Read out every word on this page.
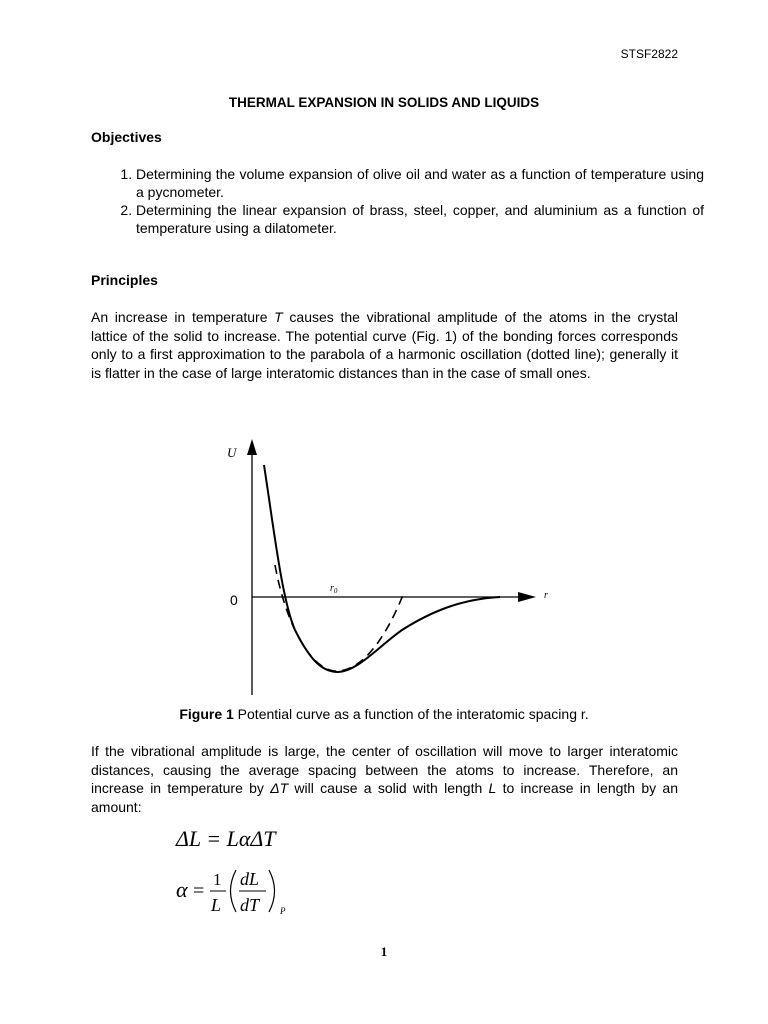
STSF2822
THERMAL EXPANSION IN SOLIDS AND LIQUIDS
Objectives
1. Determining the volume expansion of olive oil and water as a function of temperature using a pycnometer.
2. Determining the linear expansion of brass, steel, copper, and aluminium as a function of temperature using a dilatometer.
Principles

An increase in temperature T causes the vibrational amplitude of the atoms in the crystal lattice of the solid to increase. The potential curve (Fig. 1) of the bonding forces corresponds only to a first approximation to the parabola of a harmonic oscillation (dotted line); generally it is flatter in the case of large interatomic distances than in the case of small ones.

U
0	r
$r_0$
Figure 1 Potential curve as a function of the interatomic spacing r.

If the vibrational amplitude is large, the center of oscillation will move to larger interatomic distances, causing the average spacing between the atoms to increase. Therefore, an increase in temperature by ΔT will cause a solid with length L to increase in length by an amount:

ΔL = LαΔT
α =
1
L
dL
dT P
1
